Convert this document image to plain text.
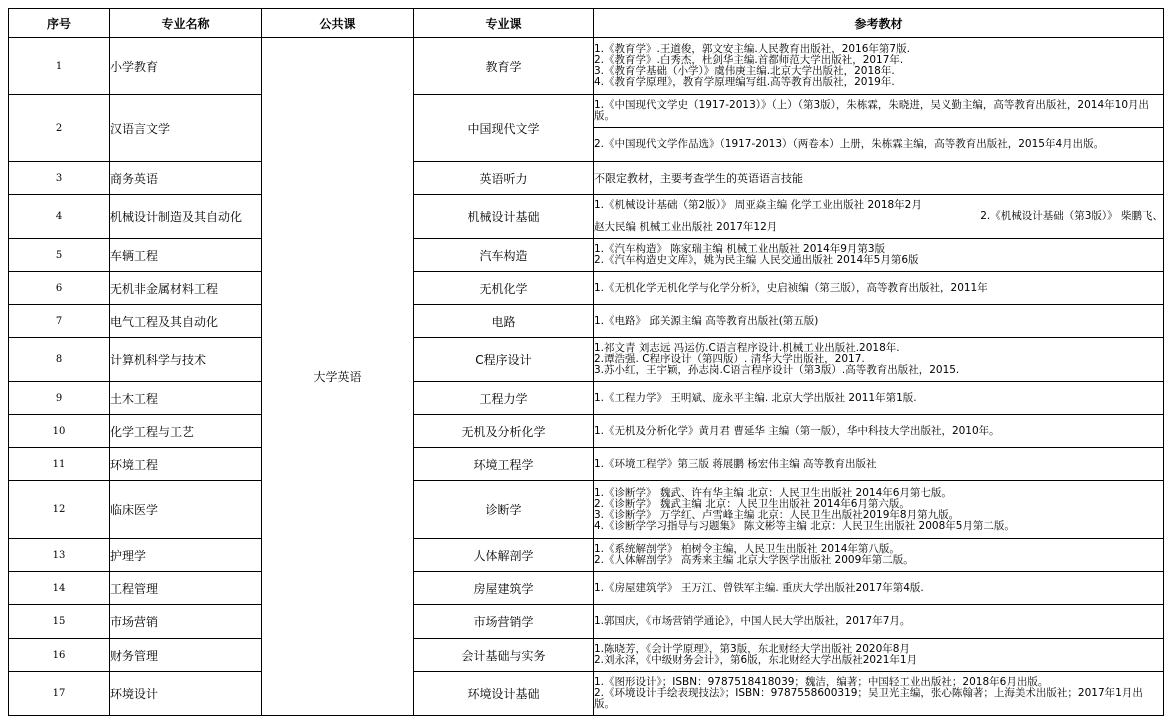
序号	专业名称	公共课	专业课	参考教材
1	小学教育	大学英语	教育学	1.《教育学》.王道俊，郭文安主编.人民教育出版社，2016年第7版.
2.《教育学》.白秀杰，杜剑华主编.首都师范大学出版社，2017年.
3.《教育学基础（小学）》虞伟庚主编.北京大学出版社，2018年.
4.《教育学原理》，教育学原理编写组.高等教育出版社，2019年.

2	汉语言文学		中国现代文学	1.《中国现代文学史（1917-2013）》（上）（第3版），朱栋霖，朱晓进，吴义勤主编，高等教育出版社，2014年10月出版。
				2.《中国现代文学作品选》（1917-2013）（两卷本）上册，朱栋霖主编，高等教育出版社，2015年4月出版。
3	商务英语		英语听力	不限定教材，主要考查学生的英语语言技能

4	机械设计制造及其自动化		机械设计基础	1.《机械设计基础（第2版）》 周亚焱主编 化学工业出版社 2018年2月
2.《机械设计基础（第3版）》 柴鹏飞、
赵大民编 机械工业出版社 2017年12月

5	车辆工程		汽车构造	1.《汽车构造》 陈家瑞主编 机械工业出版社 2014年9月第3版
2.《汽车构造史文库》，姚为民主编 人民交通出版社 2014年5月第6版

6	无机非金属材料工程		无机化学	1.《无机化学无机化学与化学分析》，史启祯编（第三版），高等教育出版社，2011年

7	电气工程及其自动化		电路	1.《电路》 邱关源主编 高等教育出版社(第五版)

8	计算机科学与技术		C程序设计	1.祁文青 刘志远 冯运仿.C语言程序设计.机械工业出版社.2018年.
2.谭浩强. C程序设计（第四版）. 清华大学出版社，2017.
3.苏小红，王宇颖，孙志岗.C语言程序设计（第3版）.高等教育出版社，2015.

9	土木工程		工程力学	1.《工程力学》 王明斌、庞永平主编. 北京大学出版社 2011年第1版.

10	化学工程与工艺		无机及分析化学	1.《无机及分析化学》黄月君 曹延华 主编（第一版），华中科技大学出版社，2010年。

11	环境工程		环境工程学	1.《环境工程学》第三版 蒋展鹏 杨宏伟主编 高等教育出版社

12	临床医学		诊断学	1.《诊断学》 魏武、许有华主编 北京：人民卫生出版社 2014年6月第七版。
2.《诊断学》 魏武主编 北京：人民卫生出版社 2014年6月第六版。
3.《诊断学》 万学红、卢雪峰主编 北京：人民卫生出版社2019年8月第九版。
4.《诊断学学习指导与习题集》 陈文彬等主编 北京：人民卫生出版社 2008年5月第二版。

13	护理学		人体解剖学	1.《系统解剖学》 柏树令主编，人民卫生出版社 2014年第八版。
2.《人体解剖学》 高秀来主编 北京大学医学出版社 2009年第二版。

14	工程管理		房屋建筑学	1.《房屋建筑学》 王万江、曾铁军主编. 重庆大学出版社2017年第4版.

15	市场营销		市场营销学	1.郭国庆，《市场营销学通论》，中国人民大学出版社，2017年7月。

16	财务管理		会计基础与实务	1.陈晓芳，《会计学原理》，第3版，东北财经大学出版社 2020年8月
2.刘永泽，《中级财务会计》，第6版，东北财经大学出版社2021年1月

17	环境设计		环境设计基础	1.《图形设计》；ISBN：9787518418039；魏洁，编著；中国轻工业出版社；2018年6月出版。
2.《环境设计手绘表现技法》；ISBN：9787558600319；吴卫光主编，张心陈翰著；上海美术出版社；2017年1月出版。
